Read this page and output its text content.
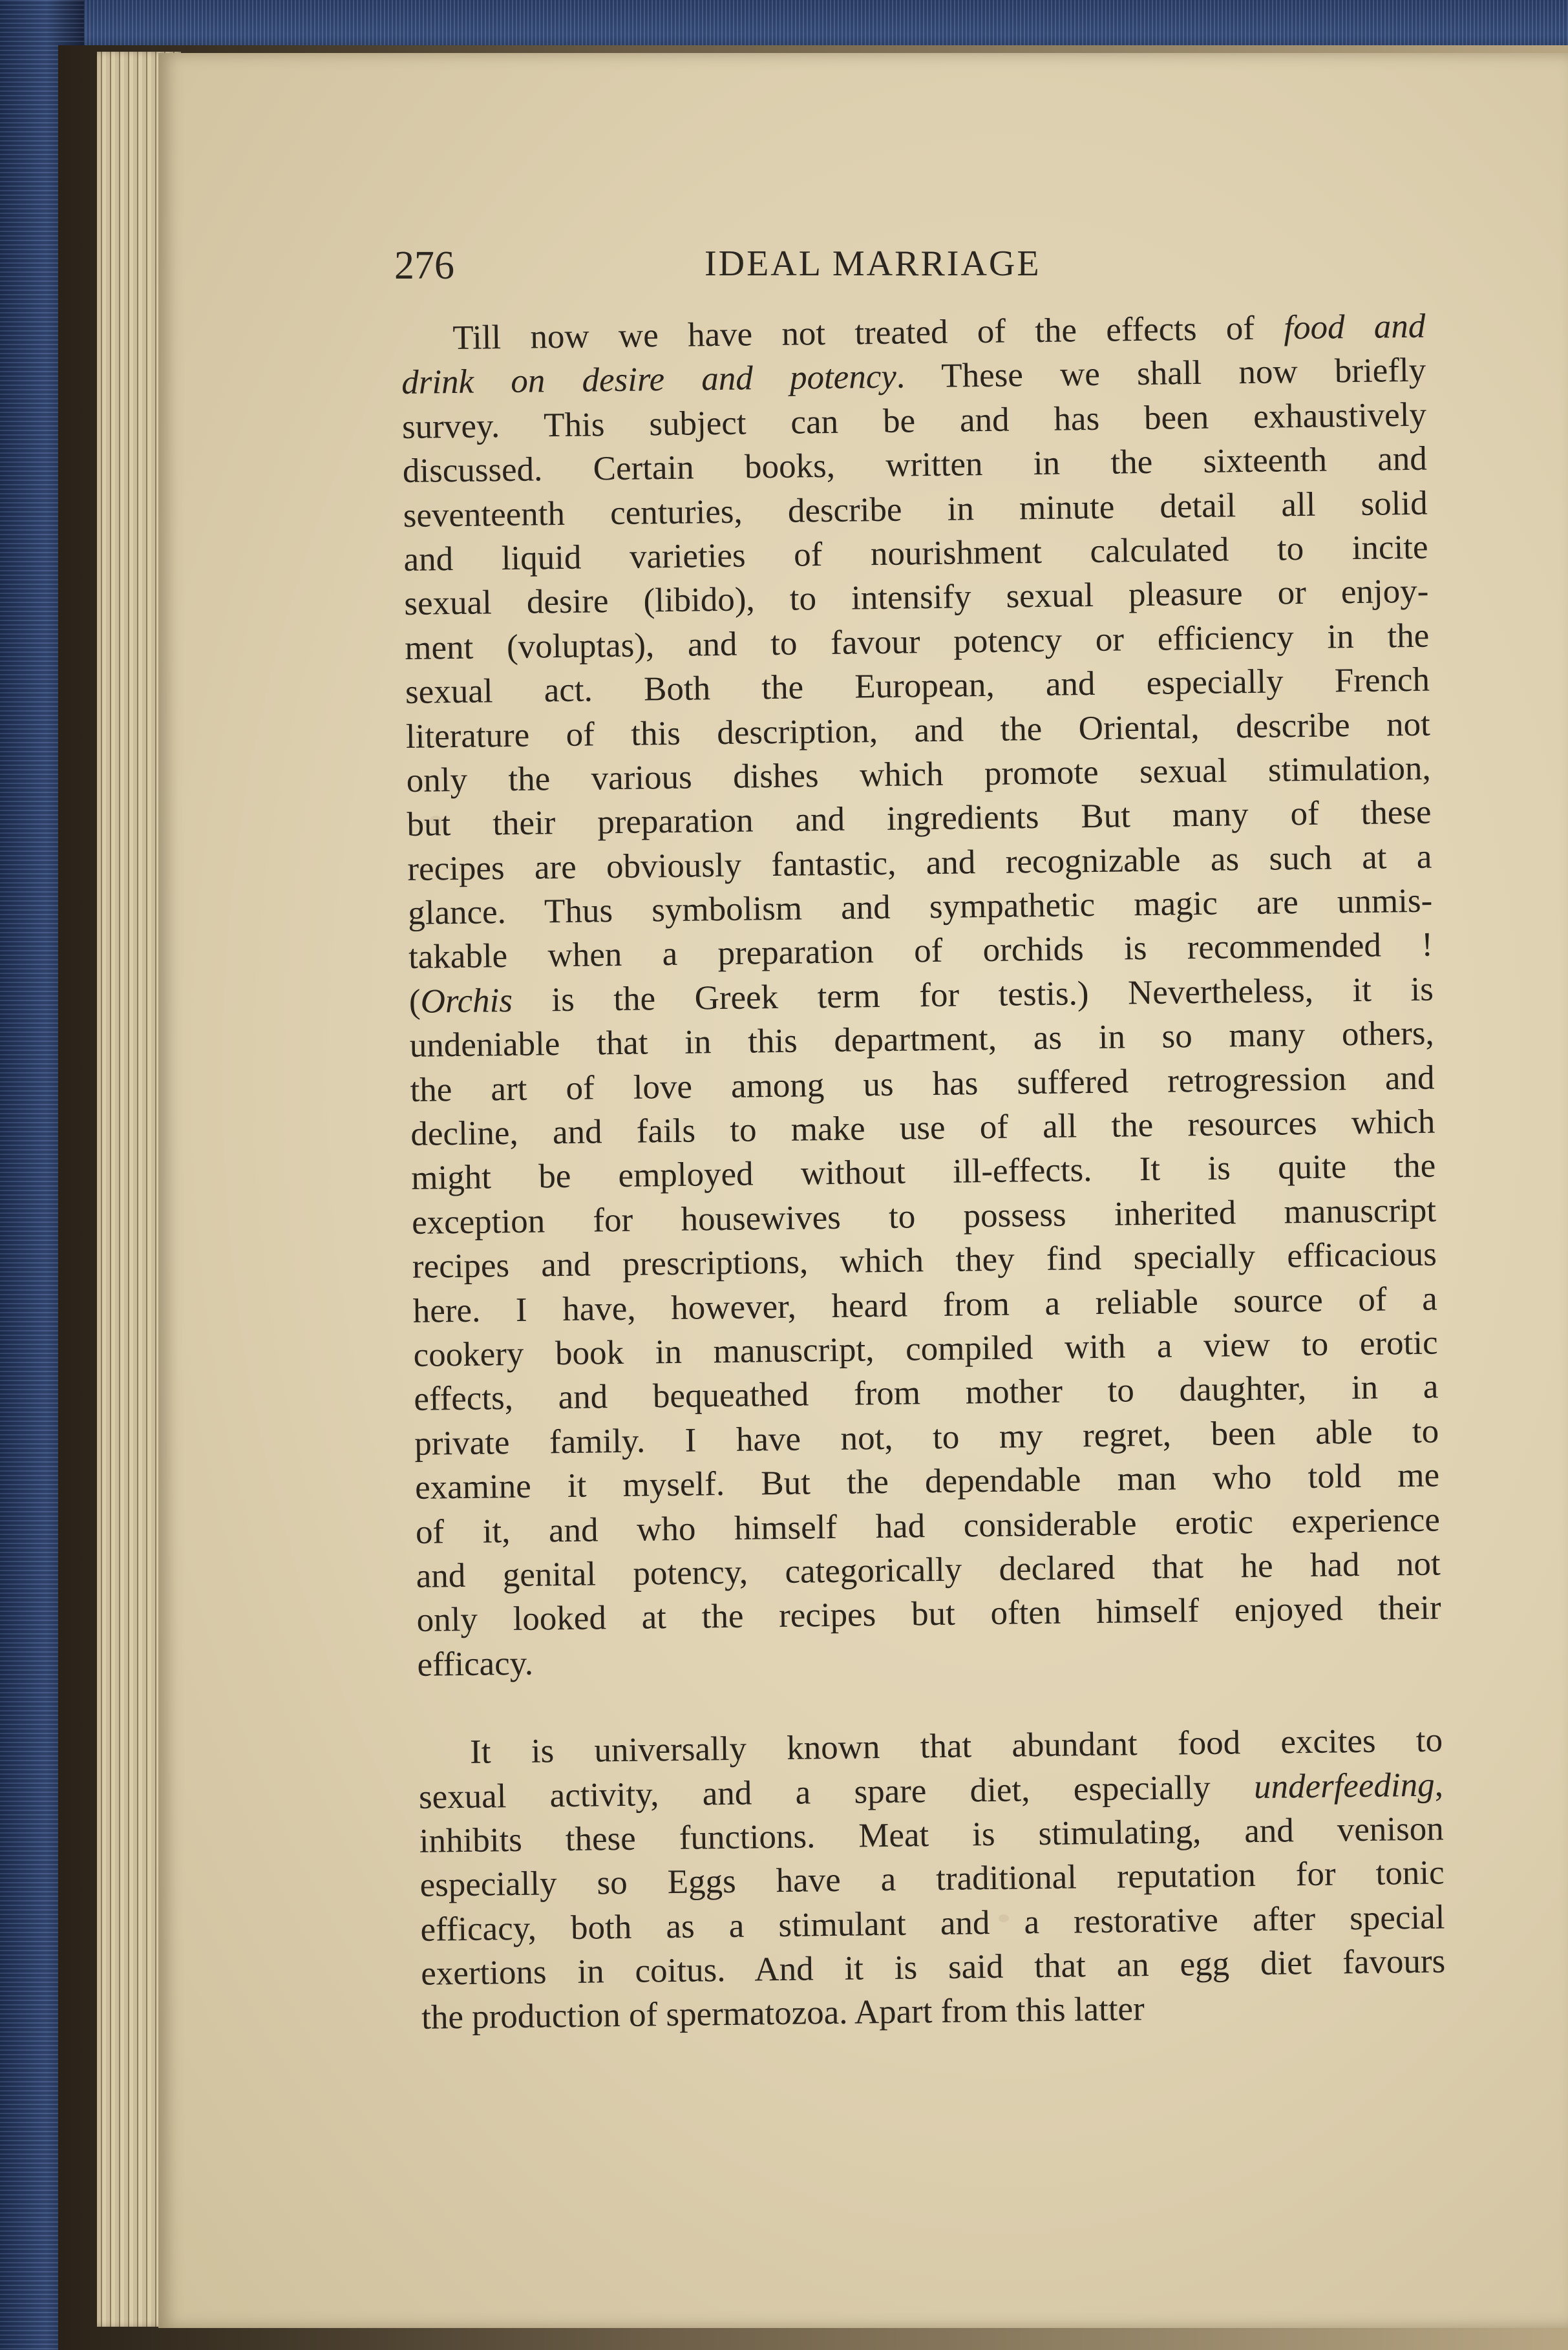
276	IDEAL MARRIAGE
Till now we have not treated of the effects of food and
drink on desire and potency. These we shall now briefly
survey. This subject can be and has been exhaustively
discussed. Certain books, written in the sixteenth and
seventeenth centuries, describe in minute detail all solid
and liquid varieties of nourishment calculated to incite
sexual desire (libido), to intensify sexual pleasure or enjoy-
ment (voluptas), and to favour potency or efficiency in the
sexual act. Both the European, and especially French
literature of this description, and the Oriental, describe not
only the various dishes which promote sexual stimulation,
but their preparation and ingredients But many of these
recipes are obviously fantastic, and recognizable as such at a
glance. Thus symbolism and sympathetic magic are unmis-
takable when a preparation of orchids is recommended !
(Orchis is the Greek term for testis.) Nevertheless, it is
undeniable that in this department, as in so many others,
the art of love among us has suffered retrogression and
decline, and fails to make use of all the resources which
might be employed without ill-effects. It is quite the
exception for housewives to possess inherited manuscript
recipes and prescriptions, which they find specially efficacious
here. I have, however, heard from a reliable source of a
cookery book in manuscript, compiled with a view to erotic
effects, and bequeathed from mother to daughter, in a
private family. I have not, to my regret, been able to
examine it myself. But the dependable man who told me
of it, and who himself had considerable erotic experience
and genital potency, categorically declared that he had not
only looked at the recipes but often himself enjoyed their
efficacy.
It is universally known that abundant food excites to
sexual activity, and a spare diet, especially underfeeding,
inhibits these functions. Meat is stimulating, and venison
especially so Eggs have a traditional reputation for tonic
efficacy, both as a stimulant and a restorative after special
exertions in coitus. And it is said that an egg diet favours
the production of spermatozoa. Apart from this latter
